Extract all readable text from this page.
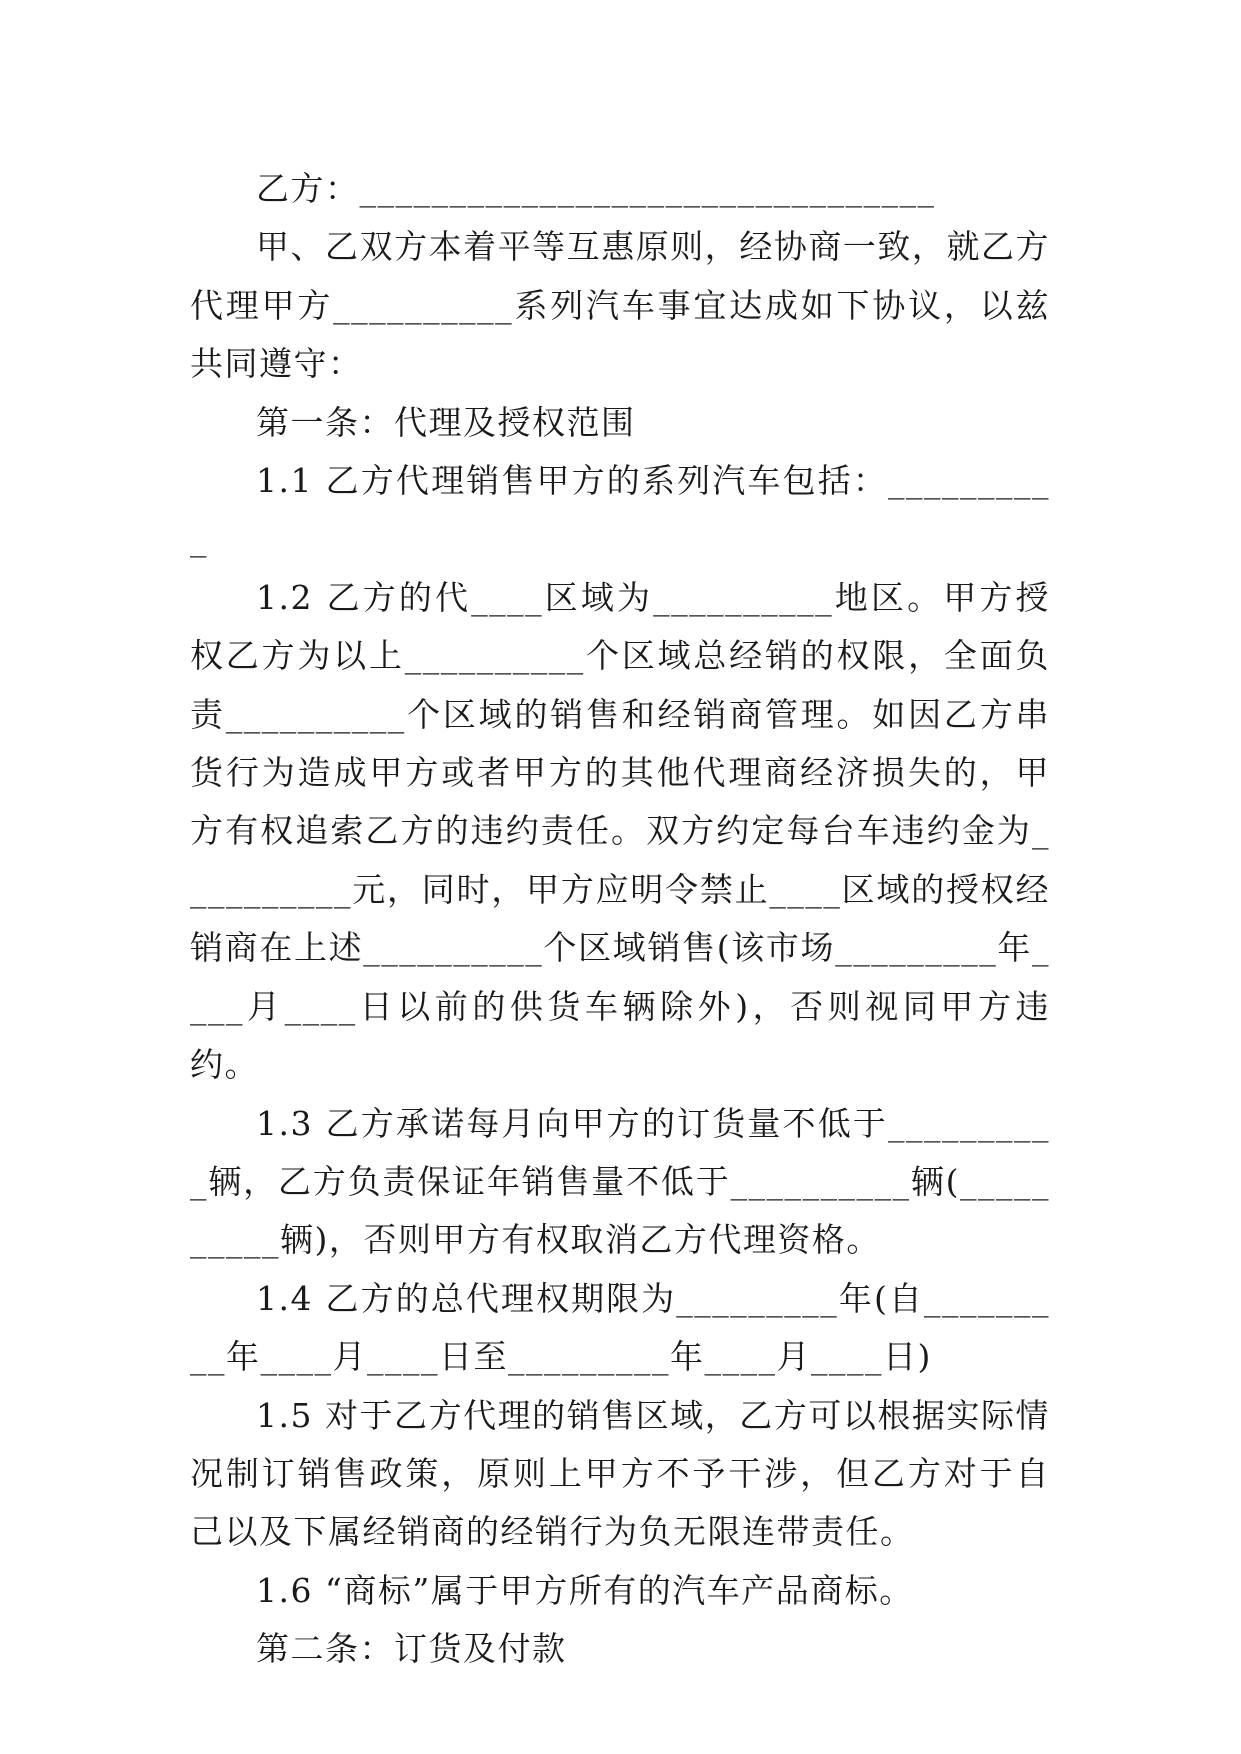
乙方：________________________________

甲、乙双方本着平等互惠原则，经协商一致，就乙方代理甲方__________系列汽车事宜达成如下协议，以兹共同遵守：

第一条：代理及授权范围

1.1 乙方代理销售甲方的系列汽车包括：__________

1.2 乙方的代____区域为__________地区。甲方授权乙方为以上__________个区域总经销的权限，全面负责__________个区域的销售和经销商管理。如因乙方串货行为造成甲方或者甲方的其他代理商经济损失的，甲方有权追索乙方的违约责任。双方约定每台车违约金为__________元，同时，甲方应明令禁止____区域的授权经销商在上述__________个区域销售(该市场_________年____月____日以前的供货车辆除外)，否则视同甲方违约。

1.3 乙方承诺每月向甲方的订货量不低于__________辆，乙方负责保证年销售量不低于__________辆(__________辆)，否则甲方有权取消乙方代理资格。

1.4 乙方的总代理权期限为_________年(自_________年____月____日至_________年____月____日)

1.5 对于乙方代理的销售区域，乙方可以根据实际情况制订销售政策，原则上甲方不予干涉，但乙方对于自己以及下属经销商的经销行为负无限连带责任。

1.6 “商标”属于甲方所有的汽车产品商标。

第二条：订货及付款
